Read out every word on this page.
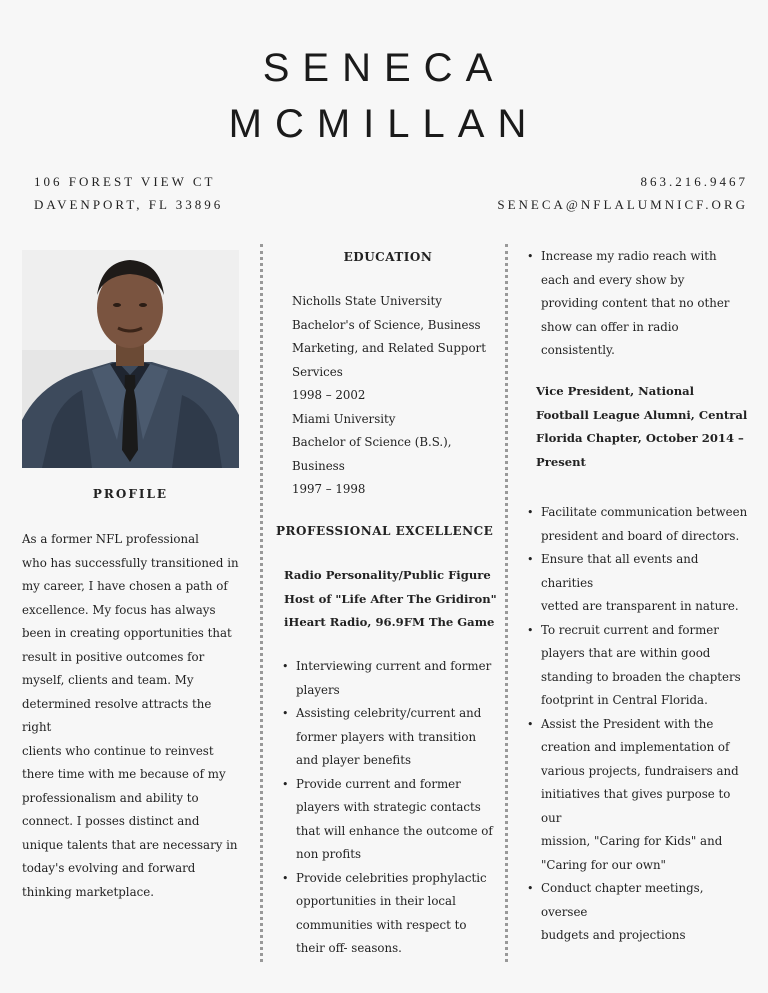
SENECA
MCMILLAN
106 FOREST VIEW CT
DAVENPORT, FL 33896
863.216.9467
SENECA@NFLALUMNICF.ORG
PROFILE
As a former NFL professional
who has successfully transitioned in
my career, I have chosen a path of
excellence. My focus has always
been in creating opportunities that
result in positive outcomes for
myself, clients and team. My
determined resolve attracts the right
clients who continue to reinvest
there time with me because of my
professionalism and ability to
connect. I posses distinct and
unique talents that are necessary in
today's evolving and forward
thinking marketplace.
EDUCATION
Nicholls State University
Bachelor's of Science, Business
Marketing, and Related Support
Services
1998 – 2002
Miami University
Bachelor of Science (B.S.),
Business
1997 – 1998
PROFESSIONAL EXCELLENCE
Radio Personality/Public Figure
Host of "Life After The Gridiron"
iHeart Radio, 96.9FM The Game
• Interviewing current and former
players
• Assisting celebrity/current and
former players with transition
and player benefits
• Provide current and former
players with strategic contacts
that will enhance the outcome of
non profits
• Provide celebrities prophylactic
opportunities in their local
communities with respect to
their off- seasons.
• Increase my radio reach with
each and every show by
providing content that no other
show can offer in radio
consistently.
Vice President, National
Football League Alumni, Central
Florida Chapter, October 2014 –
Present
• Facilitate communication between
president and board of directors.
• Ensure that all events and charities
vetted are transparent in nature.
• To recruit current and former
players that are within good
standing to broaden the chapters
footprint in Central Florida.
• Assist the President with the
creation and implementation of
various projects, fundraisers and
initiatives that gives purpose to our
mission, "Caring for Kids" and
"Caring for our own"
• Conduct chapter meetings, oversee
budgets and projections
